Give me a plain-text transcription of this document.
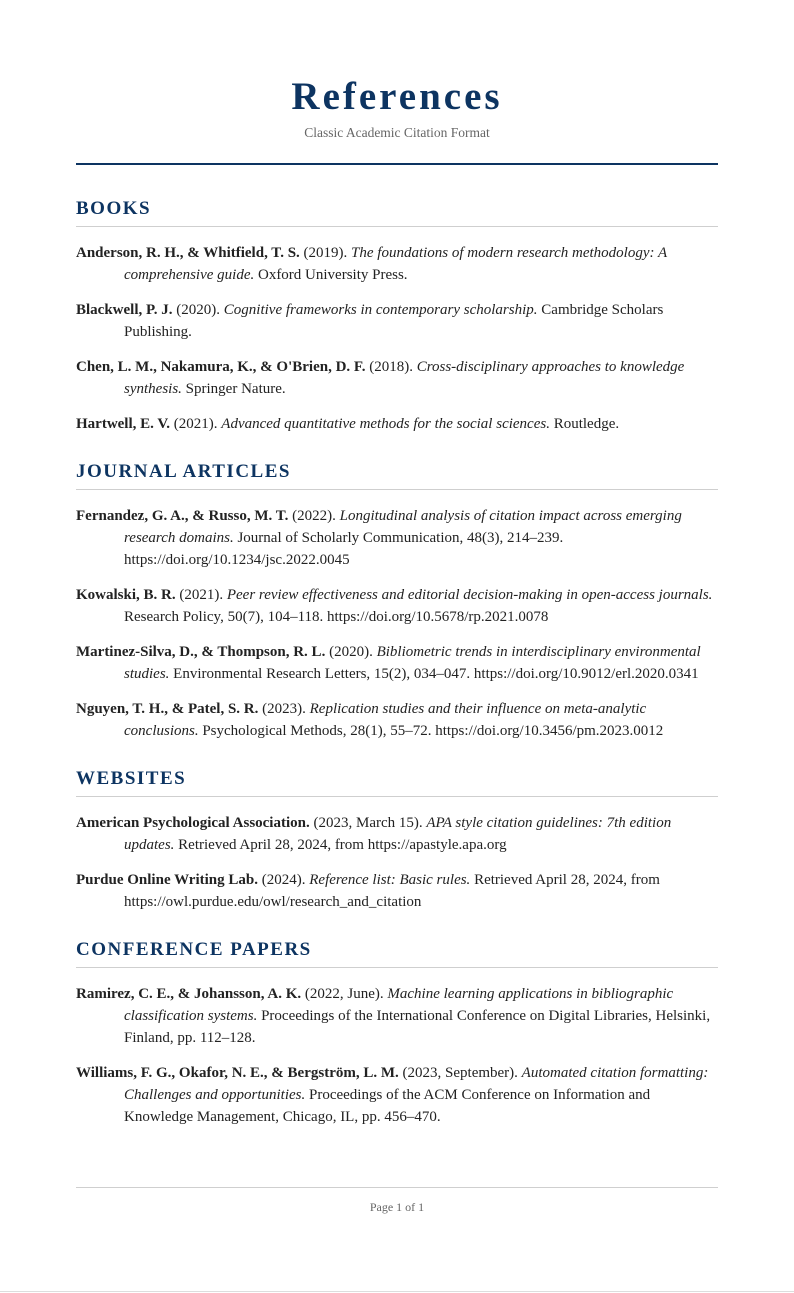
References
Classic Academic Citation Format
BOOKS

Anderson, R. H., & Whitfield, T. S. (2019). The foundations of modern research methodology: A comprehensive guide. Oxford University Press.

Blackwell, P. J. (2020). Cognitive frameworks in contemporary scholarship. Cambridge Scholars Publishing.

Chen, L. M., Nakamura, K., & O'Brien, D. F. (2018). Cross-disciplinary approaches to knowledge synthesis. Springer Nature.

Hartwell, E. V. (2021). Advanced quantitative methods for the social sciences. Routledge.

JOURNAL ARTICLES

Fernandez, G. A., & Russo, M. T. (2022). Longitudinal analysis of citation impact across emerging research domains. Journal of Scholarly Communication, 48(3), 214–239. https://doi.org/10.1234/jsc.2022.0045

Kowalski, B. R. (2021). Peer review effectiveness and editorial decision-making in open-access journals. Research Policy, 50(7), 104–118. https://doi.org/10.5678/rp.2021.0078

Martinez-Silva, D., & Thompson, R. L. (2020). Bibliometric trends in interdisciplinary environmental studies. Environmental Research Letters, 15(2), 034–047. https://doi.org/10.9012/erl.2020.0341

Nguyen, T. H., & Patel, S. R. (2023). Replication studies and their influence on meta-analytic conclusions. Psychological Methods, 28(1), 55–72. https://doi.org/10.3456/pm.2023.0012

WEBSITES

American Psychological Association. (2023, March 15). APA style citation guidelines: 7th edition updates. Retrieved April 28, 2024, from https://apastyle.apa.org

Purdue Online Writing Lab. (2024). Reference list: Basic rules. Retrieved April 28, 2024, from https://owl.purdue.edu/owl/research_and_citation

CONFERENCE PAPERS

Ramirez, C. E., & Johansson, A. K. (2022, June). Machine learning applications in bibliographic classification systems. Proceedings of the International Conference on Digital Libraries, Helsinki, Finland, pp. 112–128.

Williams, F. G., Okafor, N. E., & Bergström, L. M. (2023, September). Automated citation formatting: Challenges and opportunities. Proceedings of the ACM Conference on Information and Knowledge Management, Chicago, IL, pp. 456–470.

Page 1 of 1
